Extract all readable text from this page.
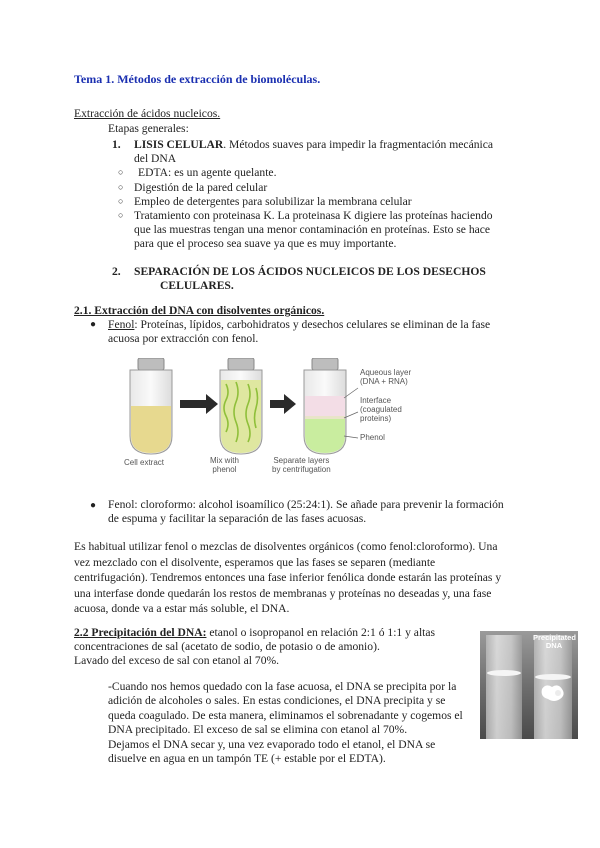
Tema 1. Métodos de extracción de biomoléculas.
Extracción de ácidos nucleicos.
Etapas generales:
1. LISIS CELULAR. Métodos suaves para impedir la fragmentación mecánica
del DNA
○ EDTA: es un agente quelante.
○ Digestión de la pared celular
○ Empleo de detergentes para solubilizar la membrana celular
○ Tratamiento con proteinasa K. La proteinasa K digiere las proteínas haciendo
que las muestras tengan una menor contaminación en proteínas. Esto se hace
para que el proceso sea suave ya que es muy importante.
2. SEPARACIÓN DE LOS ÁCIDOS NUCLEICOS DE LOS DESECHOS
CELULARES.
2.1. Extracción del DNA con disolventes orgánicos.
● Fenol: Proteínas, lípidos, carbohidratos y desechos celulares se eliminan de la fase
acuosa por extracción con fenol.
Cell extract	Mix with
phenol
Separate layers
by centrifugation
Aqueous layer
(DNA + RNA)
Interface
(coagulated
proteins)
Phenol
● Fenol: cloroformo: alcohol isoamílico (25:24:1). Se añade para prevenir la formación
de espuma y facilitar la separación de las fases acuosas.
Es habitual utilizar fenol o mezclas de disolventes orgánicos (como fenol:cloroformo). Una
vez mezclado con el disolvente, esperamos que las fases se separen (mediante
centrifugación). Tendremos entonces una fase inferior fenólica donde estarán las proteínas y
una interfase donde quedarán los restos de membranas y proteínas no deseadas y, una fase
acuosa, donde va a estar más soluble, el DNA.
2.2 Precipitación del DNA: etanol o isopropanol en relación 2:1 ó 1:1 y altas
concentraciones de sal (acetato de sodio, de potasio o de amonio).
Lavado del exceso de sal con etanol al 70%.
-Cuando nos hemos quedado con la fase acuosa, el DNA se precipita por la
adición de alcoholes o sales. En estas condiciones, el DNA precipita y se
queda coagulado. De esta manera, eliminamos el sobrenadante y cogemos el
DNA precipitado. El exceso de sal se elimina con etanol al 70%.
Dejamos el DNA secar y, una vez evaporado todo el etanol, el DNA se
disuelve en agua en un tampón TE (+ estable por el EDTA).
Precipitated
DNA
